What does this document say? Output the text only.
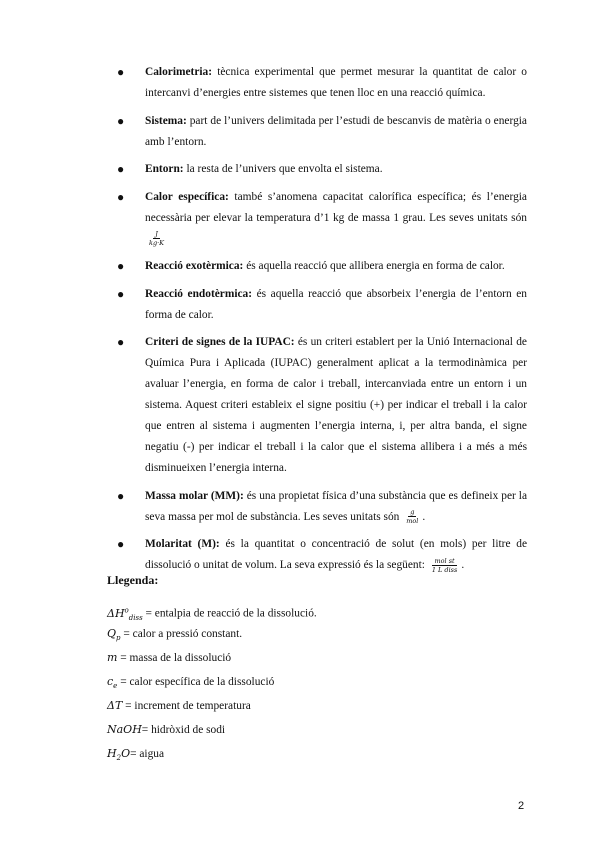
● Calorimetria: tècnica experimental que permet mesurar la quantitat de calor o intercanvi d’energies entre sistemes que tenen lloc en una reacció química.
● Sistema: part de l’univers delimitada per l’estudi de bescanvis de matèria o energia amb l’entorn.
● Entorn: la resta de l’univers que envolta el sistema.
● Calor específica: també s’anomena capacitat calorífica específica; és l’energia necessària per elevar la temperatura d’1 kg de massa 1 grau. Les seves unitats són
$\frac{J}{kg\cdot K}$
● Reacció exotèrmica: és aquella reacció que allibera energia en forma de calor.
● Reacció endotèrmica: és aquella reacció que absorbeix l’energia de l’entorn en forma de calor.
● Criteri de signes de la IUPAC: és un criteri establert per la Unió Internacional de Química Pura i Aplicada (IUPAC) generalment aplicat a la termodinàmica per avaluar l’energia, en forma de calor i treball, intercanviada entre un entorn i un sistema. Aquest criteri estableix el signe positiu (+) per indicar el treball i la calor que entren al sistema i augmenten l’energia interna, i, per altra banda, el signe negatiu (-) per indicar el treball i la calor que el sistema allibera i a més a més disminueixen l’energia interna.
● Massa molar (MM): és una propietat física d’una substància que es defineix per la seva massa per mol de substància. Les seves unitats són $\frac{g}{\text{mol}}$ .
● Molaritat (M): és la quantitat o concentració de solut (en mols) per litre de dissolució o unitat de volum. La seva expressió és la següent: $\frac{\text{mol st}}{\text{1 L diss}}$ .
Llegenda:
$\Delta H^o_{diss}$ = entalpia de reacció de la dissolució.
$Q_p$ = calor a pressió constant.
m = massa de la dissolució
$c_e$ = calor específica de la dissolució
ΔT = increment de temperatura
NaOH= hidròxid de sodi
$H_2O=$ aigua
2
